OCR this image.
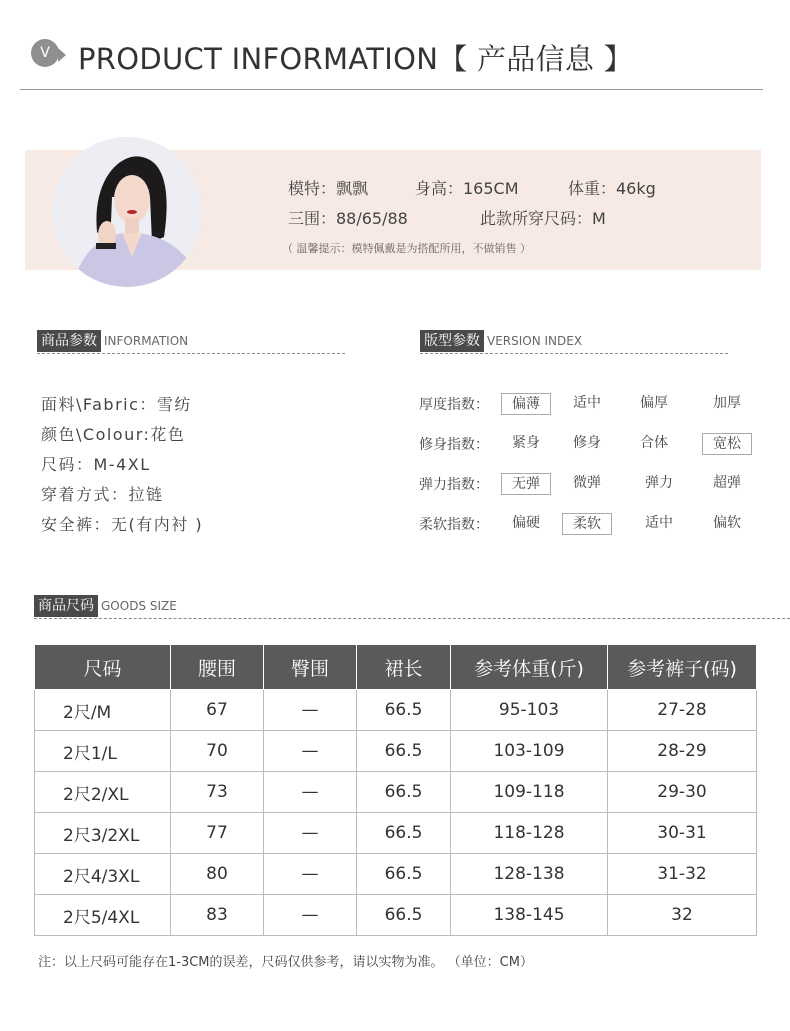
V PRODUCT INFORMATION【 产品信息 】
模特：飘飘	身高：165CM	体重：46kg
三围：88/65/88	此款所穿尺码：M
（ 温馨提示：模特佩戴是为搭配所用，不做销售 ）
商品参数 INFORMATION
面料\Fabric：雪纺
颜色\Colour:花色
尺码：M-4XL
穿着方式：拉链
安全裤：无(有内衬 )
版型参数 VERSION INDEX
厚度指数：	偏薄	适中	偏厚	加厚
修身指数：	紧身	修身	合体	宽松
弹力指数：	无弹	微弹	弹力	超弹
柔软指数：	偏硬	柔软	适中	偏软
商品尺码 GOODS SIZE
尺码	腰围	臀围	裙长	参考体重(斤)	参考裤子(码)
2尺/M	67	—	66.5	95-103	27-28
2尺1/L	70	—	66.5	103-109	28-29
2尺2/XL	73	—	66.5	109-118	29-30
2尺3/2XL	77	—	66.5	118-128	30-31
2尺4/3XL	80	—	66.5	128-138	31-32
2尺5/4XL	83	—	66.5	138-145	32
注：以上尺码可能存在1-3CM的误差，尺码仅供参考，请以实物为准。 （单位：CM）
